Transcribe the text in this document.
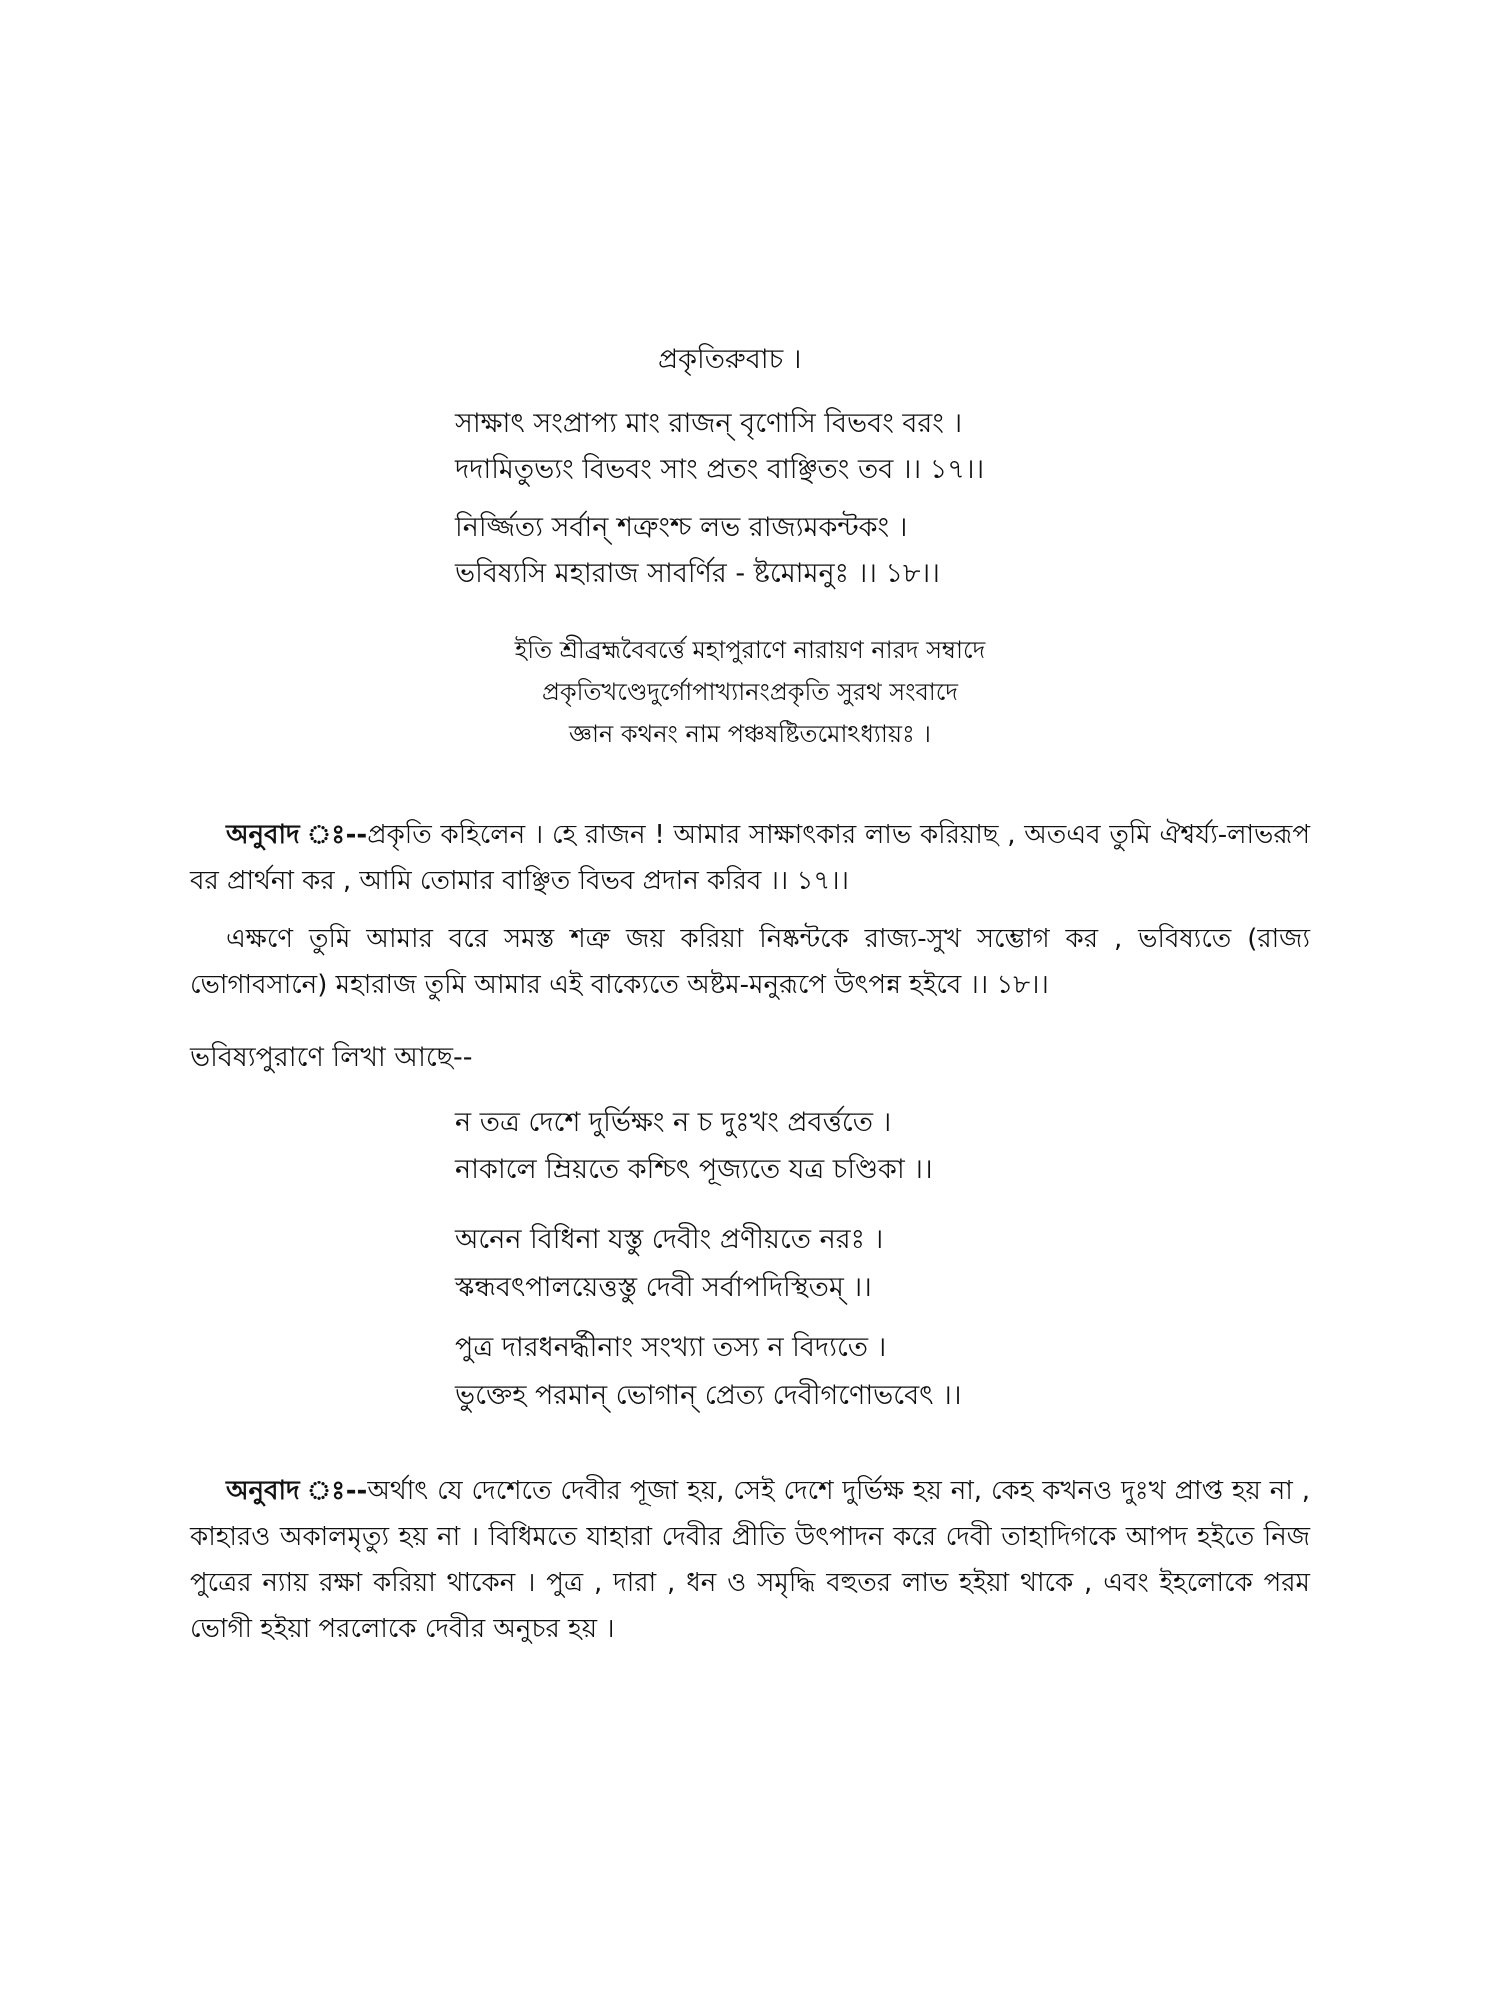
প্রকৃতিরুবাচ ।
সাক্ষাৎ সংপ্রাপ্য মাং রাজন্ বৃণোসি বিভবং বরং ।
দদামিতুভ্যং বিভবং সাং প্রতং বাঞ্ছিতং তব ।। ১৭।।
নির্জ্জিত্য সর্বান্ শত্রুংশ্চ লভ রাজ্যমকন্টকং ।
ভবিষ্যসি মহারাজ সাবর্ণির - ষ্টমোমনুঃ ।। ১৮।।
ইতি শ্রীব্রহ্মবৈবর্ত্তে মহাপুরাণে নারায়ণ নারদ সম্বাদে
প্রকৃতিখণ্ডেদুর্গোপাখ্যানংপ্রকৃতি সুরথ সংবাদে
জ্ঞান কথনং নাম পঞ্চষষ্টিতমোঽধ্যায়ঃ ।
অনুবাদ ঃ--প্রকৃতি কহিলেন । হে রাজন ! আমার সাক্ষাৎকার লাভ করিয়াছ , অতএব তুমি ঐশ্বর্য্য-লাভরূপ বর প্রার্থনা কর , আমি তোমার বাঞ্ছিত বিভব প্রদান করিব ।। ১৭।।
এক্ষণে তুমি আমার বরে সমস্ত শত্রু জয় করিয়া নিষ্কন্টকে রাজ্য-সুখ সম্ভোগ কর , ভবিষ্যতে (রাজ্য ভোগাবসানে) মহারাজ তুমি আমার এই বাক্যেতে অষ্টম-মনুরূপে উৎপন্ন হইবে ।। ১৮।।
ভবিষ্যপুরাণে লিখা আছে--
ন তত্র দেশে দুর্ভিক্ষং ন চ দুঃখং প্রবর্ত্ততে ।
নাকালে ম্রিয়তে কশ্চিৎ পূজ্যতে যত্র চণ্ডিকা ।।
অনেন বিধিনা যস্তু দেবীং প্রণীয়তে নরঃ ।
স্কন্ধবৎপালয়েত্তস্তু দেবী সর্বাপদিস্থিতম্ ।।
পুত্র দারধনর্দ্ধীনাং সংখ্যা তস্য ন বিদ্যতে ।
ভুক্তেহ পরমান্ ভোগান্ প্রেত্য দেবীগণোভবেৎ ।।
অনুবাদ ঃ--অর্থাৎ যে দেশেতে দেবীর পূজা হয়, সেই দেশে দুর্ভিক্ষ হয় না, কেহ কখনও দুঃখ প্রাপ্ত হয় না , কাহারও অকালমৃত্যু হয় না । বিধিমতে যাহারা দেবীর প্রীতি উৎপাদন করে দেবী তাহাদিগকে আপদ হইতে নিজ পুত্রের ন্যায় রক্ষা করিয়া থাকেন । পুত্র , দারা , ধন ও সমৃদ্ধি বহুতর লাভ হইয়া থাকে , এবং ইহলোকে পরম ভোগী হইয়া পরলোকে দেবীর অনুচর হয় ।
